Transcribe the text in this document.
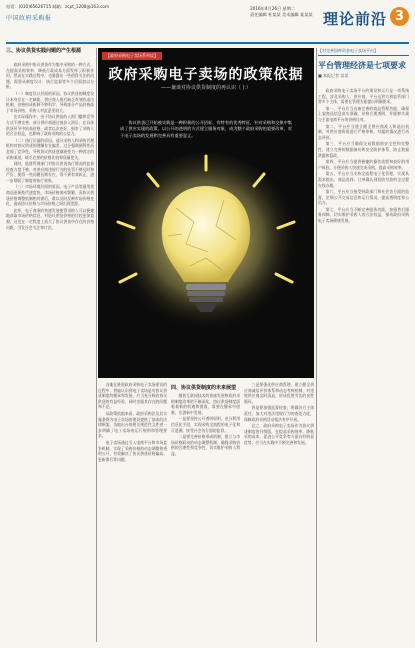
电话：(010)65626715 邮箱：zcpt_1208@163.com
中国政府采购报
2016年4月26日 星期二
责任编辑 杜某某 美术编辑 某某某 理论前沿 3
三、协议供货实践问题的产生根源

政府采购中协议供货作为集中采购的一种方式，在提高采购效率、降低行政成本方面发挥了积极作用。然而在实践过程中，也暴露出一些值得关注的问题，需要从制度设计、执行监督等多个层面加以分析。

（一）制度设计层面的原因。协议供货的制度设计本身存在一定缺陷，供应商入围后缺乏有效的退出机制，价格形成机制不够科学，导致部分产品价格高于市场价格，采购人对此意见较大。

在实际操作中，由于协议供货的入围门槛和竞争方式不够完善，部分供应商通过低价入围后，在具体供货环节中抬高价格，或者以次充好，损害了采购人的合法权益，也影响了政府采购的公信力。

（二）执行层面的原因。部分采购人和采购代理机构对协议供货的理解存在偏差，过分强调便利性而忽视了竞争性，导致协议供货逐渐演变为一种固定的采购渠道，缺乏必要的价格比较和质量把关。

同时，监督管理部门对协议供货执行情况的监督检查力度不够，对供应商违规行为的处罚不够及时和严厉，使得一些问题长期存在，得不到有效纠正，进一步削弱了制度的执行效果。

（三）市场环境层面的原因。电子产品等通用类商品更新换代速度快，市场价格波动频繁，而协议供货价格调整机制相对滞后，难以及时反映市场价格变化，造成协议价格与市场价格之间出现差距。

此外，电子商务的快速发展使得采购人可以便捷地获取市场价格信息，对协议供货价格的比较更加直观，这也在一定程度上放大了协议供货中存在的价格问题，引发社会关注和讨论。

【政府采购电子卖场系列谈】
政府采购电子卖场的政策依据
——兼谈对协议供货制度的再认识（上）
协议供货已开始被实践是一种积极的公开招标，有特有的优秀特征，针对采购和交换中集成了供应实现的政策，以公开的透明的方式建立服务对象，成为整个政府采购的重要改革，对于电子卖场的发展和完善具有重要意义。

各地在推进政府采购电子卖场建设的过程中，普遍认识到电子卖场是对协议供货制度的继承和发展，应当充分吸收协议供货的有益经验，同时克服其存在的问题和不足。

从政策依据来看，政府采购法及其实施条例为电子卖场的建设提供了基本的法律框架，各地出台的相关规范性文件进一步明确了电子卖场的运行规则和管理要求。

电子卖场通过引入电商平台和市场竞争机制，实现了采购价格的动态调整和透明公开，有效解决了协议供货价格偏高、更新滞后等问题。

四、协议供货制度的未来展望

随着互联网技术的快速发展和政府采购制度改革的不断深化，协议供货制度面临着新的机遇和挑战，需要在继承中创新，在创新中发展。

一是要坚持公开透明原则，充分利用信息化手段，实现采购全流程的电子化和可追溯，接受社会各方面的监督。

二是要完善价格形成机制，建立与市场价格联动的动态调整机制，确保采购价格的合理性和竞争性，切实维护采购人利益。

三是要强化供应商管理，建立健全供应商诚信评价体系和动态考核机制，对违规供应商及时清退，形成优胜劣汰的良性循环。

四是要加强监督检查，明确各方主体责任，加大对违法违规行为的查处力度，保障政府采购活动依法有序开展。

总之，政府采购电子卖场作为协议供货制度的升级版，在提高采购效率、降低采购成本、促进公平竞争等方面具有明显优势，应当在实践中不断完善和发展。

【对完善国库资金电子卖场平台】
平台管理经济是七项要求
■ 本报记者 某某

政府采购电子卖场平台的建设和运行是一项系统工程，涉及采购人、供应商、平台运营方和监管部门等多个主体，需要在管理方面提出明确要求。

第一，平台应当具备完善的商品管理功能，确保上架商品信息真实准确，价格合理透明，并能够实现与主流电商平台的价格比对。

第二，平台应当建立健全供应商准入和退出机制，对供应商资质进行严格审核，对履约情况进行动态评价。

第三，平台应当确保交易数据的安全性和完整性，建立完善的数据备份和安全防护体系，防止数据泄露和篡改。

第四，平台应当提供便捷的操作流程和良好的用户体验，方便采购人快速完成采购，提高采购效率。

第五，平台应当支持全流程电子化管理，实现从需求提出、商品选择、订单确认到验收付款的全过程在线办理。

第六，平台应当接受财政部门和社会各方面的监督，定期公开交易信息和运行情况，提高透明度和公信力。

第七，平台应当不断完善服务功能，加强售后服务保障，切实维护采购人的合法权益，推动政府采购电子卖场健康发展。
